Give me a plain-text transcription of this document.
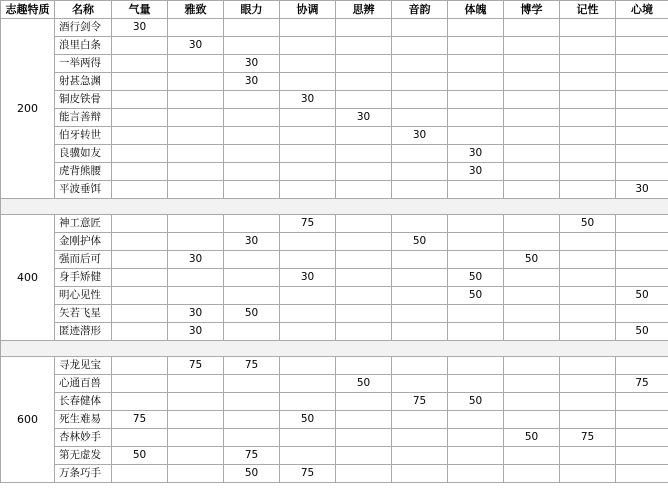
志趣特质	名称	气量	雅致	眼力	协调	思辨	音韵	体魄	博学	记性	心境
200	酒行剑令	30									
	浪里白条		30								
	一举两得			30							
	射甚急渊			30							
	铜皮铁骨				30						
	能言善辩					30					
	伯牙转世						30				
	良骥如友							30			
	虎背熊腰							30			
	平波垂饵										30

400	神工意匠				75					50	
	金刚护体			30			50				
	强而后可		30						50		
	身手矫健				30			50			
	明心见性							50			50
	矢若飞星		30	50							
	匿迹潜形		30								50

600	寻龙见宝		75	75							
	心通百兽					50					75
	长春健体						75	50			
	死生难易	75			50						
	杏林妙手								50	75	
	第无虚发	50		75							
	万条巧手			50	75						
